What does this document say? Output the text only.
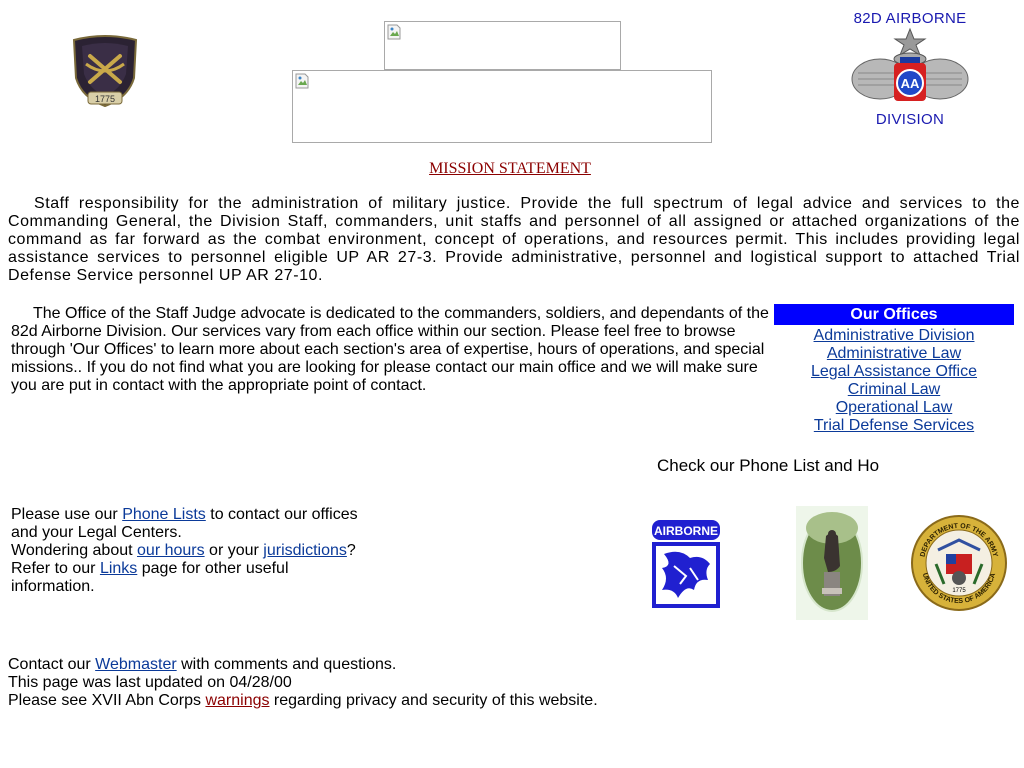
1775
82D AIRBORNE
AA
DIVISION
MISSION STATEMENT
Staff responsibility for the administration of military justice. Provide the full spectrum of legal advice and services to the Commanding General, the Division Staff, commanders, unit staffs and personnel of all assigned or attached organizations of the command as far forward as the combat environment, concept of operations, and resources permit. This includes providing legal assistance services to personnel eligible UP AR 27-3. Provide administrative, personnel and logistical support to attached Trial Defense Service personnel UP AR 27-10.
The Office of the Staff Judge advocate is dedicated to the commanders, soldiers, and dependants of the 82d Airborne Division. Our services vary from each office within our section. Please feel free to browse through 'Our Offices' to learn more about each section's area of expertise, hours of operations, and special missions.. If you do not find what you are looking for please contact our main office and we will make sure you are put in contact with the appropriate point of contact.
Our Offices
Administrative Division
Administrative Law
Legal Assistance Office
Criminal Law
Operational Law
Trial Defense Services
Check our Phone List and Ho
Please use our Phone Lists to contact our offices and your Legal Centers.
Wondering about our hours or your jurisdictions?
Refer to our Links page for other useful information.
AIRBORNE
1775
DEPARTMENT OF THE ARMY
UNITED STATES OF AMERICA
Contact our Webmaster with comments and questions.
This page was last updated on 04/28/00
Please see XVII Abn Corps warnings regarding privacy and security of this website.
